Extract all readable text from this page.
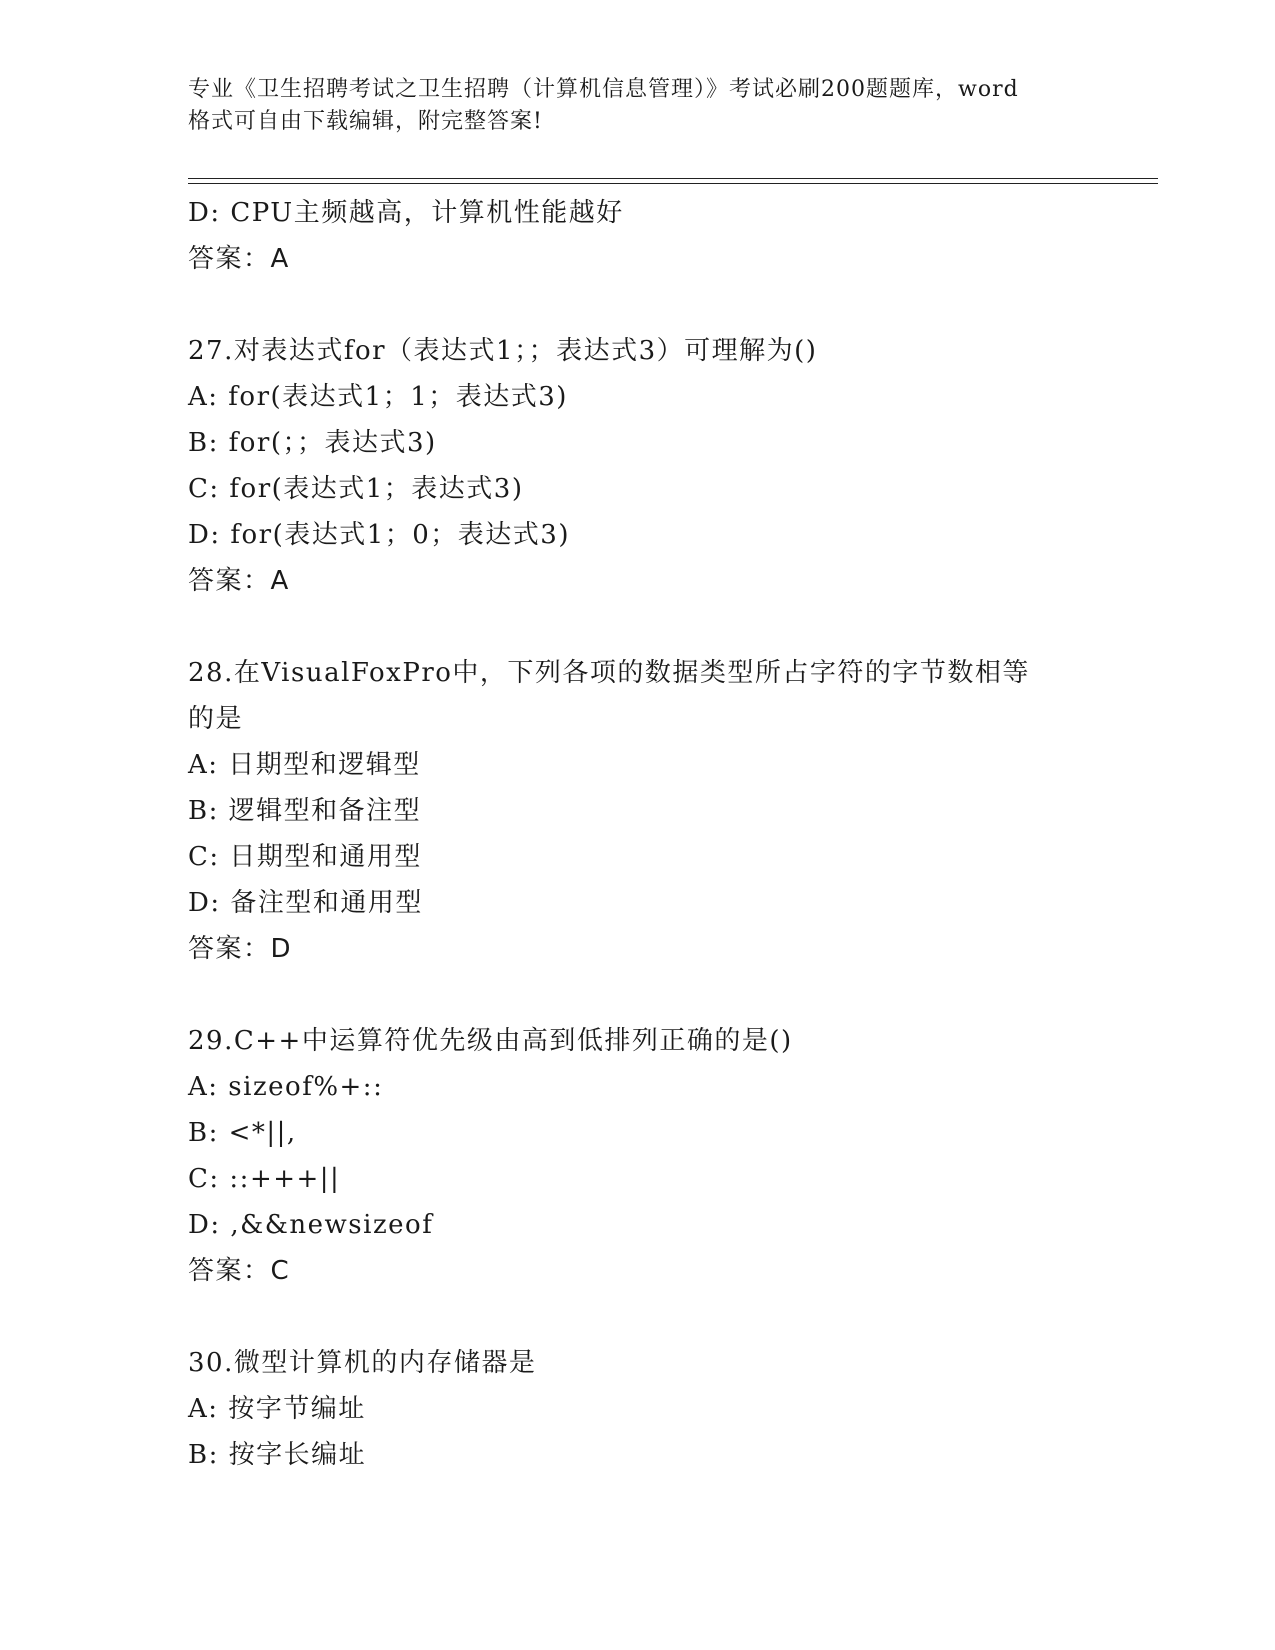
专业《卫生招聘考试之卫生招聘（计算机信息管理）》考试必刷200题题库，word
格式可自由下载编辑，附完整答案!
D: CPU主频越高，计算机性能越好
答案：A
27.对表达式for（表达式1；；表达式3）可理解为()
A: for(表达式1；1；表达式3)
B: for(；；表达式3)
C: for(表达式1；表达式3)
D: for(表达式1；0；表达式3)
答案：A
28.在VisualFoxPro中，下列各项的数据类型所占字符的字节数相等
的是
A: 日期型和逻辑型
B: 逻辑型和备注型
C: 日期型和通用型
D: 备注型和通用型
答案：D
29.C++中运算符优先级由高到低排列正确的是()
A: sizeof%+::
B: <*||,
C: ::+++||
D: ,&&newsizeof
答案：C
30.微型计算机的内存储器是
A: 按字节编址
B: 按字长编址
